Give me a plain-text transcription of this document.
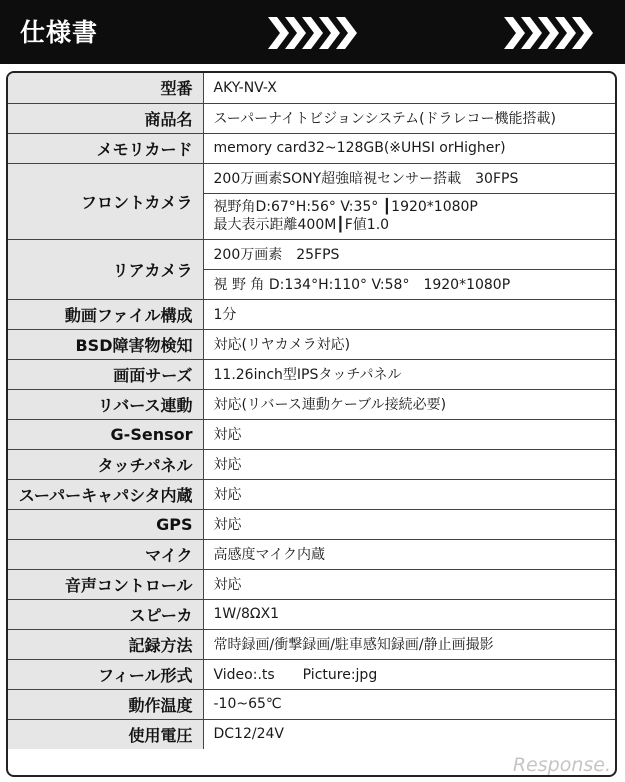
仕様書
型番	AKY-NV-X
商品名	スーパーナイトビジョンシステム(ドラレコー機能搭載)
メモリカード	memory card32~128GB(※UHSI orHigher)
フロントカメラ	200万画素SONY超強暗視センサー搭載　30FPS

	視野角D:67°H:56° V:35° ┃1920*1080P
最大表示距離400M┃F値1.0

リアカメラ	200万画素　25FPS
	視 野 角 D:134°H:110° V:58°　1920*1080P
動画ファイル構成	1分
BSD障害物検知	対応(リヤカメラ対応)
画面サーズ	11.26inch型IPSタッチパネル
リバース連動	対応(リバース連動ケーブル接続必要)
G-Sensor	対応
タッチパネル	対応
スーパーキャパシタ内蔵	対応
GPS	対応
マイク	高感度マイク内蔵
音声コントロール	対応
スピーカ	1W/8ΩX1
記録方法	常時録画/衝撃録画/駐車感知録画/静止画撮影
フィール形式	Video:.ts　　Picture:jpg
動作温度	-10~65℃
使用電圧	DC12/24V
Response.
